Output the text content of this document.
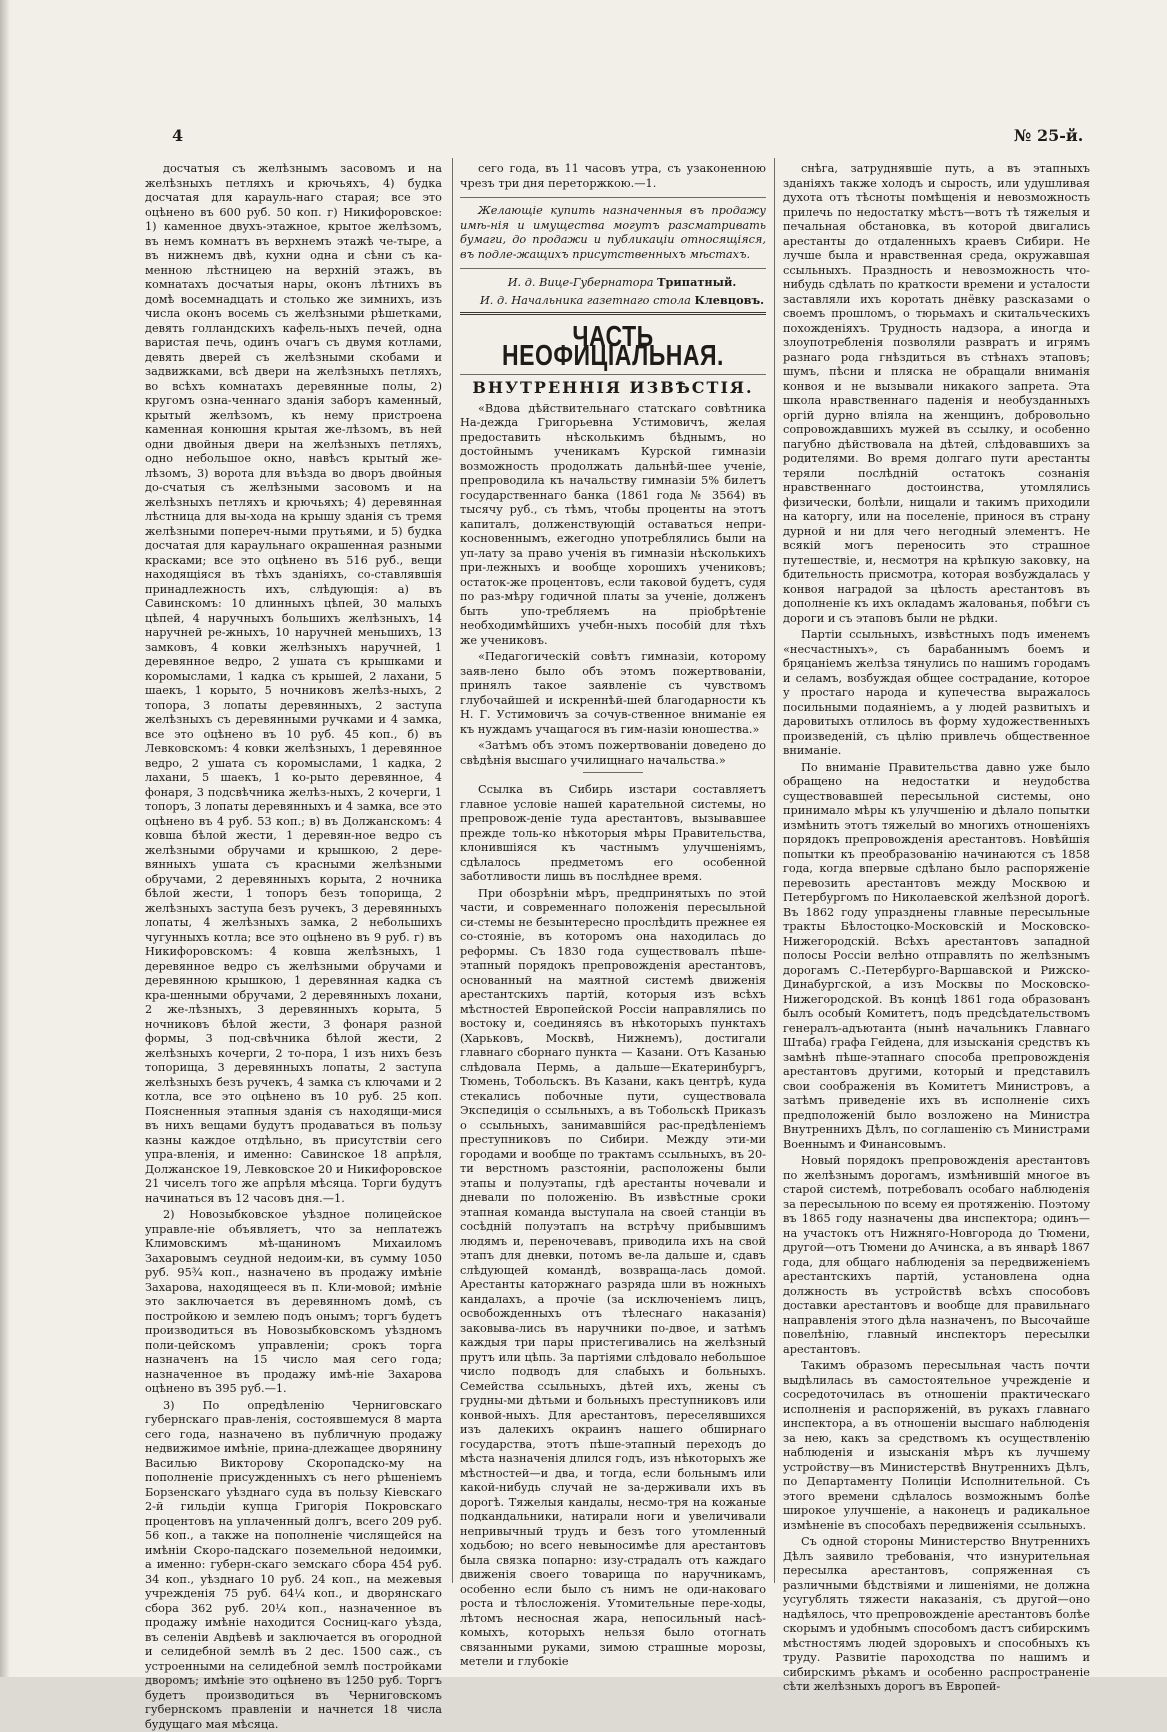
4	№ 25-й.

досчатыя съ желѣзнымъ засовомъ и на желѣзныхъ петляхъ и крючьяхъ, 4) будка досчатая для карауль-наго старая; все это оцѣнено въ 600 руб. 50 коп. г) Никифоровское: 1) каменное двухъ-этажное, крытое желѣзомъ, въ немъ комнатъ въ верхнемъ этажѣ че-тыре, а въ нижнемъ двѣ, кухни одна и сѣни съ ка-менною лѣстницею на верхній этажъ, въ комнатахъ досчатыя нары, оконъ лѣтнихъ въ домѣ восемнадцать и столько же зимнихъ, изъ числа оконъ восемь съ желѣзными рѣшетками, девять голландскихъ кафель-ныхъ печей, одна варистая печь, одинъ очагъ съ двумя котлами, девять дверей съ желѣзными скобами и задвижками, всѣ двери на желѣзныхъ петляхъ, во всѣхъ комнатахъ деревянные полы, 2) кругомъ озна-ченнаго зданія заборъ каменный, крытый желѣзомъ, къ нему пристроена каменная конюшня крытая же-лѣзомъ, въ ней одни двойныя двери на желѣзныхъ петляхъ, одно небольшое окно, навѣсъ крытый же-лѣзомъ, 3) ворота для въѣзда во дворъ двойныя до-счатыя съ желѣзными засовомъ и на желѣзныхъ петляхъ и крючьяхъ; 4) деревянная лѣстница для вы-хода на крышу зданія съ тремя желѣзными попереч-ными прутьями, и 5) будка досчатая для караульнаго окрашенная разными красками; все это оцѣнено въ 516 руб., вещи находящіяся въ тѣхъ зданіяхъ, со-ставлявшія принадлежность ихъ, слѣдующія: а) въ Савинскомъ: 10 длинныхъ цѣпей, 30 малыхъ цѣпей, 4 наручныхъ большихъ желѣзныхъ, 14 наручней ре-жныхъ, 10 наручней меньшихъ, 13 замковъ, 4 ковки желѣзныхъ наручней, 1 деревянное ведро, 2 ушата съ крышками и коромыслами, 1 кадка съ крышей, 2 лахани, 5 шаекъ, 1 корыто, 5 ночниковъ желѣз-ныхъ, 2 топора, 3 лопаты деревянныхъ, 2 заступа желѣзныхъ съ деревянными ручками и 4 замка, все это оцѣнено въ 10 руб. 45 коп., б) въ Левковскомъ: 4 ковки желѣзныхъ, 1 деревянное ведро, 2 ушата съ коромыслами, 1 кадка, 2 лахани, 5 шаекъ, 1 ко-рыто деревянное, 4 фонаря, 3 подсвѣчника желѣз-ныхъ, 2 кочерги, 1 топоръ, 3 лопаты деревянныхъ и 4 замка, все это оцѣнено въ 4 руб. 53 коп.; в) въ Должанскомъ: 4 ковша бѣлой жести, 1 деревян-ное ведро съ желѣзными обручами и крышкою, 2 дере-вянныхъ ушата съ красными желѣзными обручами, 2 деревянныхъ корыта, 2 ночника бѣлой жести, 1 топоръ безъ топорища, 2 желѣзныхъ заступа безъ ручекъ, 3 деревянныхъ лопаты, 4 желѣзныхъ замка, 2 небольшихъ чугунныхъ котла; все это оцѣнено въ 9 руб. г) въ Никифоровскомъ: 4 ковша желѣзныхъ, 1 деревянное ведро съ желѣзными обручами и деревянною крышкою, 1 деревянная кадка съ кра-шенными обручами, 2 деревянныхъ лохани, 2 же-лѣзныхъ, 3 деревянныхъ корыта, 5 ночниковъ бѣлой жести, 3 фонаря разной формы, 3 под-свѣчника бѣлой жести, 2 желѣзныхъ кочерги, 2 то-пора, 1 изъ нихъ безъ топорища, 3 деревянныхъ лопаты, 2 заступа желѣзныхъ безъ ручекъ, 4 замка съ ключами и 2 котла, все это оцѣнено въ 10 руб. 25 коп. Поясненныя этапныя зданія съ находящи-мися въ нихъ вещами будутъ продаваться въ пользу казны каждое отдѣльно, въ присутствіи сего упра-вленія, и именно: Савинское 18 апрѣля, Должанское 19, Левковское 20 и Никифоровское 21 чиселъ того же апрѣля мѣсяца. Торги будутъ начинаться въ 12 часовъ дня.—1.

2) Новозыбковское уѣздное полицейское управле-ніе объявляетъ, что за неплатежъ Климовскимъ мѣ-щаниномъ Михаиломъ Захаровымъ сеудной недоим-ки, въ сумму 1050 руб. 95¾ коп., назначено въ продажу имѣніе Захарова, находящееся въ п. Кли-мовой; имѣніе это заключается въ деревянномъ домѣ, съ постройкою и землею подъ онымъ; торгъ будетъ производиться въ Новозыбковскомъ уѣздномъ поли-цейскомъ управленіи; срокъ торга назначенъ на 15 число мая сего года; назначенное въ продажу имѣ-ніе Захарова оцѣнено въ 395 руб.—1.

3) По опредѣленію Черниговскаго губернскаго прав-ленія, состоявшемуся 8 марта сего года, назначено въ публичную продажу недвижимое имѣніе, прина-длежащее дворянину Василью Викторову Скоропадско-му на пополненіе присужденныхъ съ него рѣшеніемъ Борзенскаго уѣзднаго суда въ пользу Кіевскаго 2-й гильдіи купца Григорія Покровскаго процентовъ на уплаченный долгъ, всего 209 руб. 56 коп., а также на пополненіе числящейся на имѣніи Скоро-падскаго поземельной недоимки, а именно: губерн-скаго земскаго сбора 454 руб. 34 коп., уѣзднаго 10 руб. 24 коп., на межевыя учрежденія 75 руб. 64¼ коп., и дворянскаго сбора 362 руб. 20¼ коп., назначенное въ продажу имѣніе находится Сосниц-каго уѣзда, въ селеніи Авдѣевѣ и заключается въ огородной и селидебной землѣ въ 2 дес. 1500 саж., съ устроенными на селидебной землѣ постройками дворомъ; имѣніе это оцѣнено въ 1250 руб. Торгъ будетъ производиться въ Черниговскомъ губернскомъ правленіи и начнется 18 числа будущаго мая мѣсяца.

сего года, въ 11 часовъ утра, съ узаконенною чрезъ три дня переторжкою.—1.

Желающіе купить назначенныя въ продажу имѣ-нія и имущества могутъ разсматривать бумаги, до продажи и публикаціи относящіяся, въ подле-жащихъ присутственныхъ мѣстахъ.

И. д. Вице-Губернатора Трипатный.

И. д. Начальника газетнаго стола Клевцовъ.

ЧАСТЬ НЕОФИЦІАЛЬНАЯ.
ВНУТРЕННІЯ ИЗВѢСТІЯ.

«Вдова дѣйствительнаго статскаго совѣтника На-дежда Григорьевна Устимовичъ, желая предоставить нѣсколькимъ бѣднымъ, но достойнымъ ученикамъ Курской гимназіи возможность продолжать дальнѣй-шее ученіе, препроводила къ начальству гимназіи 5% билетъ государственнаго банка (1861 года № 3564) въ тысячу руб., съ тѣмъ, чтобы проценты на этотъ капиталъ, долженствующій оставаться непри-косновеннымъ, ежегодно употреблялись были на уп-лату за право ученія въ гимназіи нѣсколькихъ при-лежныхъ и вообще хорошихъ учениковъ; остаток-же процентовъ, если таковой будетъ, судя по раз-мѣру годичной платы за ученіе, долженъ быть упо-требляемъ на пріобрѣтеніе необходимѣйшихъ учебн-ныхъ пособій для тѣхъ же учениковъ.

«Педагогическій совѣтъ гимназіи, которому заяв-лено было объ этомъ пожертвованіи, принялъ такое заявленіе съ чувствомъ глубочайшей и искреннѣй-шей благодарности къ Н. Г. Устимовичъ за сочув-ственное вниманіе ея къ нуждамъ учащагося въ гим-назіи юношества.»

«Затѣмъ объ этомъ пожертвованіи доведено до свѣдѣнія высшаго училищнаго начальства.»

Ссылка въ Сибирь изстари составляетъ главное условіе нашей карательной системы, но препровож-деніе туда арестантовъ, вызывавшее прежде толь-ко нѣкоторыя мѣры Правительства, клонившіяся къ частнымъ улучшеніямъ, сдѣлалось предметомъ его особенной заботливости лишь въ послѣднее время.

При обозрѣніи мѣръ, предпринятыхъ по этой части, и современнаго положенія пересыльной си-стемы не безынтересно прослѣдить прежнее ея со-стояніе, въ которомъ она находилась до реформы. Съ 1830 года существовалъ пѣше-этапный порядокъ препровожденія арестантовъ, основанный на маятной системѣ движенія арестантскихъ партій, которыя изъ всѣхъ мѣстностей Европейской Россіи направлялись по востоку и, соединяясь въ нѣкоторыхъ пунктахъ (Харьковъ, Москвѣ, Нижнемъ), достигали главнаго сборнаго пункта — Казани. Отъ Казанью слѣдовала Пермь, а дальше—Екатеринбургъ, Тюмень, Тобольскъ. Въ Казани, какъ центрѣ, куда стекались побочные пути, существовала Экспедиція о ссыльныхъ, а въ Тобольскѣ Приказъ о ссыльныхъ, занимавшійся рас-предѣленіемъ преступниковъ по Сибири. Между эти-ми городами и вообще по трактамъ ссыльныхъ, въ 20-ти верстномъ разстояніи, расположены были этапы и полуэтапы, гдѣ арестанты ночевали и дневали по положенію. Въ извѣстные сроки этапная команда выступала на своей станціи въ сосѣдній полуэтапъ на встрѣчу прибывшимъ людямъ и, переночевавъ, приводила ихъ на свой этапъ для дневки, потомъ ве-ла дальше и, сдавъ слѣдующей командѣ, возвраща-лась домой. Арестанты каторжнаго разряда шли въ ножныхъ кандалахъ, а прочіе (за исключеніемъ лицъ, освобожденныхъ отъ тѣлеснаго наказанія) заковыва-лись въ наручники по-двое, и затѣмъ каждыя три пары пристегивались на желѣзный прутъ или цѣпь. За партіями слѣдовало небольшое число подводъ для слабыхъ и больныхъ. Семейства ссыльныхъ, дѣтей ихъ, жены съ грудны-ми дѣтьми и больныхъ преступниковъ или конвой-ныхъ. Для арестантовъ, переселявшихся изъ далекихъ окраинъ нашего обширнаго государства, этотъ пѣше-этапный переходъ до мѣста назначенія длился годъ, изъ нѣкоторыхъ же мѣстностей—и два, и тогда, если больнымъ или какой-нибудь случай не за-держивали ихъ въ дорогѣ. Тяжелыя кандалы, несмо-тря на кожаные подкандальники, натирали ноги и увеличивали непривычный трудъ и безъ того утомленный ходьбою; но всего невыносимѣе для арестантовъ была связка попарно: изу-страдалъ отъ каждаго движенія своего товарища по наручникамъ, особенно если было съ нимъ не оди-наковаго роста и тѣлосложенія. Утомительные пере-ходы, лѣтомъ несносная жара, непосильный насѣ-комыхъ, которыхъ нельзя было отогнать связанными руками, зимою страшные морозы, метели и глубокіе

снѣга, затруднявшіе путь, а въ этапныхъ зданіяхъ также холодъ и сырость, или удушливая духота отъ тѣсноты помѣщенія и невозможность прилечь по недостатку мѣстъ—вотъ тѣ тяжелыя и печальная обстановка, въ которой двигались арестанты до отдаленныхъ краевъ Сибири. Не лучше была и нравственная среда, окружавшая ссыльныхъ. Праздность и невозможность что-нибудь сдѣлать по краткости времени и усталости заставляли ихъ коротать днёвку разсказами о своемъ прошломъ, о тюрьмахъ и скитальческихъ похожденіяхъ. Трудность надзора, а иногда и злоупотребленія позволяли развратъ и игрямъ разнаго рода гнѣздиться въ стѣнахъ этаповъ; шумъ, пѣсни и пляска не обращали вниманія конвоя и не вызывали никакого запрета. Эта школа нравственнаго паденія и необузданныхъ оргій дурно вліяла на женщинъ, добровольно сопровождавшихъ мужей въ ссылку, и особенно пагубно дѣйствовала на дѣтей, слѣдовавшихъ за родителями. Во время долгаго пути арестанты теряли послѣдній остатокъ сознанія нравственнаго достоинства, утомлялись физически, болѣли, нищали и такимъ приходили на каторгу, или на поселеніе, принося въ страну дурной и ни для чего негодный элементъ. Не всякій могъ переносить это страшное путешествіе, и, несмотря на крѣпкую заковку, на бдительность присмотра, которая возбуждалась у конвоя наградой за цѣлость арестантовъ въ дополненіе къ ихъ окладамъ жалованья, побѣги съ дороги и съ этаповъ были не рѣдки.

Партіи ссыльныхъ, извѣстныхъ подъ именемъ «несчастныхъ», съ барабаннымъ боемъ и бряцаніемъ желѣза тянулись по нашимъ городамъ и селамъ, возбуждая общее сострадание, которое у простаго народа и купечества выражалось посильными подаяніемъ, а у людей развитыхъ и даровитыхъ отлилось въ форму художественныхъ произведеній, съ цѣлію привлечь общественное вниманіе.

По вниманіе Правительства давно уже было обращено на недостатки и неудобства существовавшей пересыльной системы, оно принимало мѣры къ улучшенію и дѣлало попытки измѣнить этотъ тяжелый во многихъ отношеніяхъ порядокъ препровожденія арестантовъ. Новѣйшія попытки къ преобразованію начинаются съ 1858 года, когда впервые сдѣлано было распоряженіе перевозить арестантовъ между Москвою и Петербургомъ по Николаевской желѣзной дорогѣ. Въ 1862 году упразднены главные пересыльные тракты Бѣлостоцко-Московскій и Московско-Нижегородскій. Всѣхъ арестантовъ западной полосы Россіи велѣно отправлять по желѣзнымъ дорогамъ С.-Петербурго-Варшавской и Рижско-Динабургской, а изъ Москвы по Московско-Нижегородской. Въ концѣ 1861 года образованъ былъ особый Комитетъ, подъ предсѣдательствомъ генералъ-адъютанта (нынѣ начальникъ Главнаго Штаба) графа Гейдена, для изысканія средствъ къ замѣнѣ пѣше-этапнаго способа препровожденія арестантовъ другими, который и представилъ свои соображенія въ Комитетъ Министровъ, а затѣмъ приведеніе ихъ въ исполненіе сихъ предположеній было возложено на Министра Внутреннихъ Дѣлъ, по соглашенію съ Министрами Военнымъ и Финансовымъ.

Новый порядокъ препровожденія арестантовъ по желѣзнымъ дорогамъ, измѣнившій многое въ старой системѣ, потребовалъ особаго наблюденія за пересыльною по всему ея протяженію. Поэтому въ 1865 году назначены два инспектора; одинъ—на участокъ отъ Нижняго-Новгорода до Тюмени, другой—отъ Тюмени до Ачинска, а въ январѣ 1867 года, для общаго наблюденія за передвиженіемъ арестантскихъ партій, установлена одна должность въ устройствѣ всѣхъ способовъ доставки арестантовъ и вообще для правильнаго направленія этого дѣла назначенъ, по Высочайше повелѣнію, главный инспекторъ пересылки арестантовъ.

Такимъ образомъ пересыльная часть почти выдѣлилась въ самостоятельное учрежденіе и сосредоточилась въ отношеніи практическаго исполненія и распоряженій, въ рукахъ главнаго инспектора, а въ отношеніи высшаго наблюденія за нею, какъ за средствомъ къ осуществленію наблюденія и изысканія мѣръ къ лучшему устройству—въ Министерствѣ Внутреннихъ Дѣлъ, по Департаменту Полиціи Исполнительной. Съ этого времени сдѣлалось возможнымъ болѣе широкое улучшеніе, а наконецъ и радикальное измѣненіе въ способахъ передвиженія ссыльныхъ.

Съ одной стороны Министерство Внутреннихъ Дѣлъ заявило требованія, что изнурительная пересылка арестантовъ, сопряженная съ различными бѣдствіями и лишеніями, не должна усугублять тяжести наказанія, съ другой—оно надѣялось, что препровожденіе арестантовъ болѣе скорымъ и удобнымъ способомъ дастъ сибирскимъ мѣстностямъ людей здоровыхъ и способныхъ къ труду. Развитіе пароходства по нашимъ и сибирскимъ рѣкамъ и особенно распространеніе сѣти желѣзныхъ дорогъ въ Европей-
